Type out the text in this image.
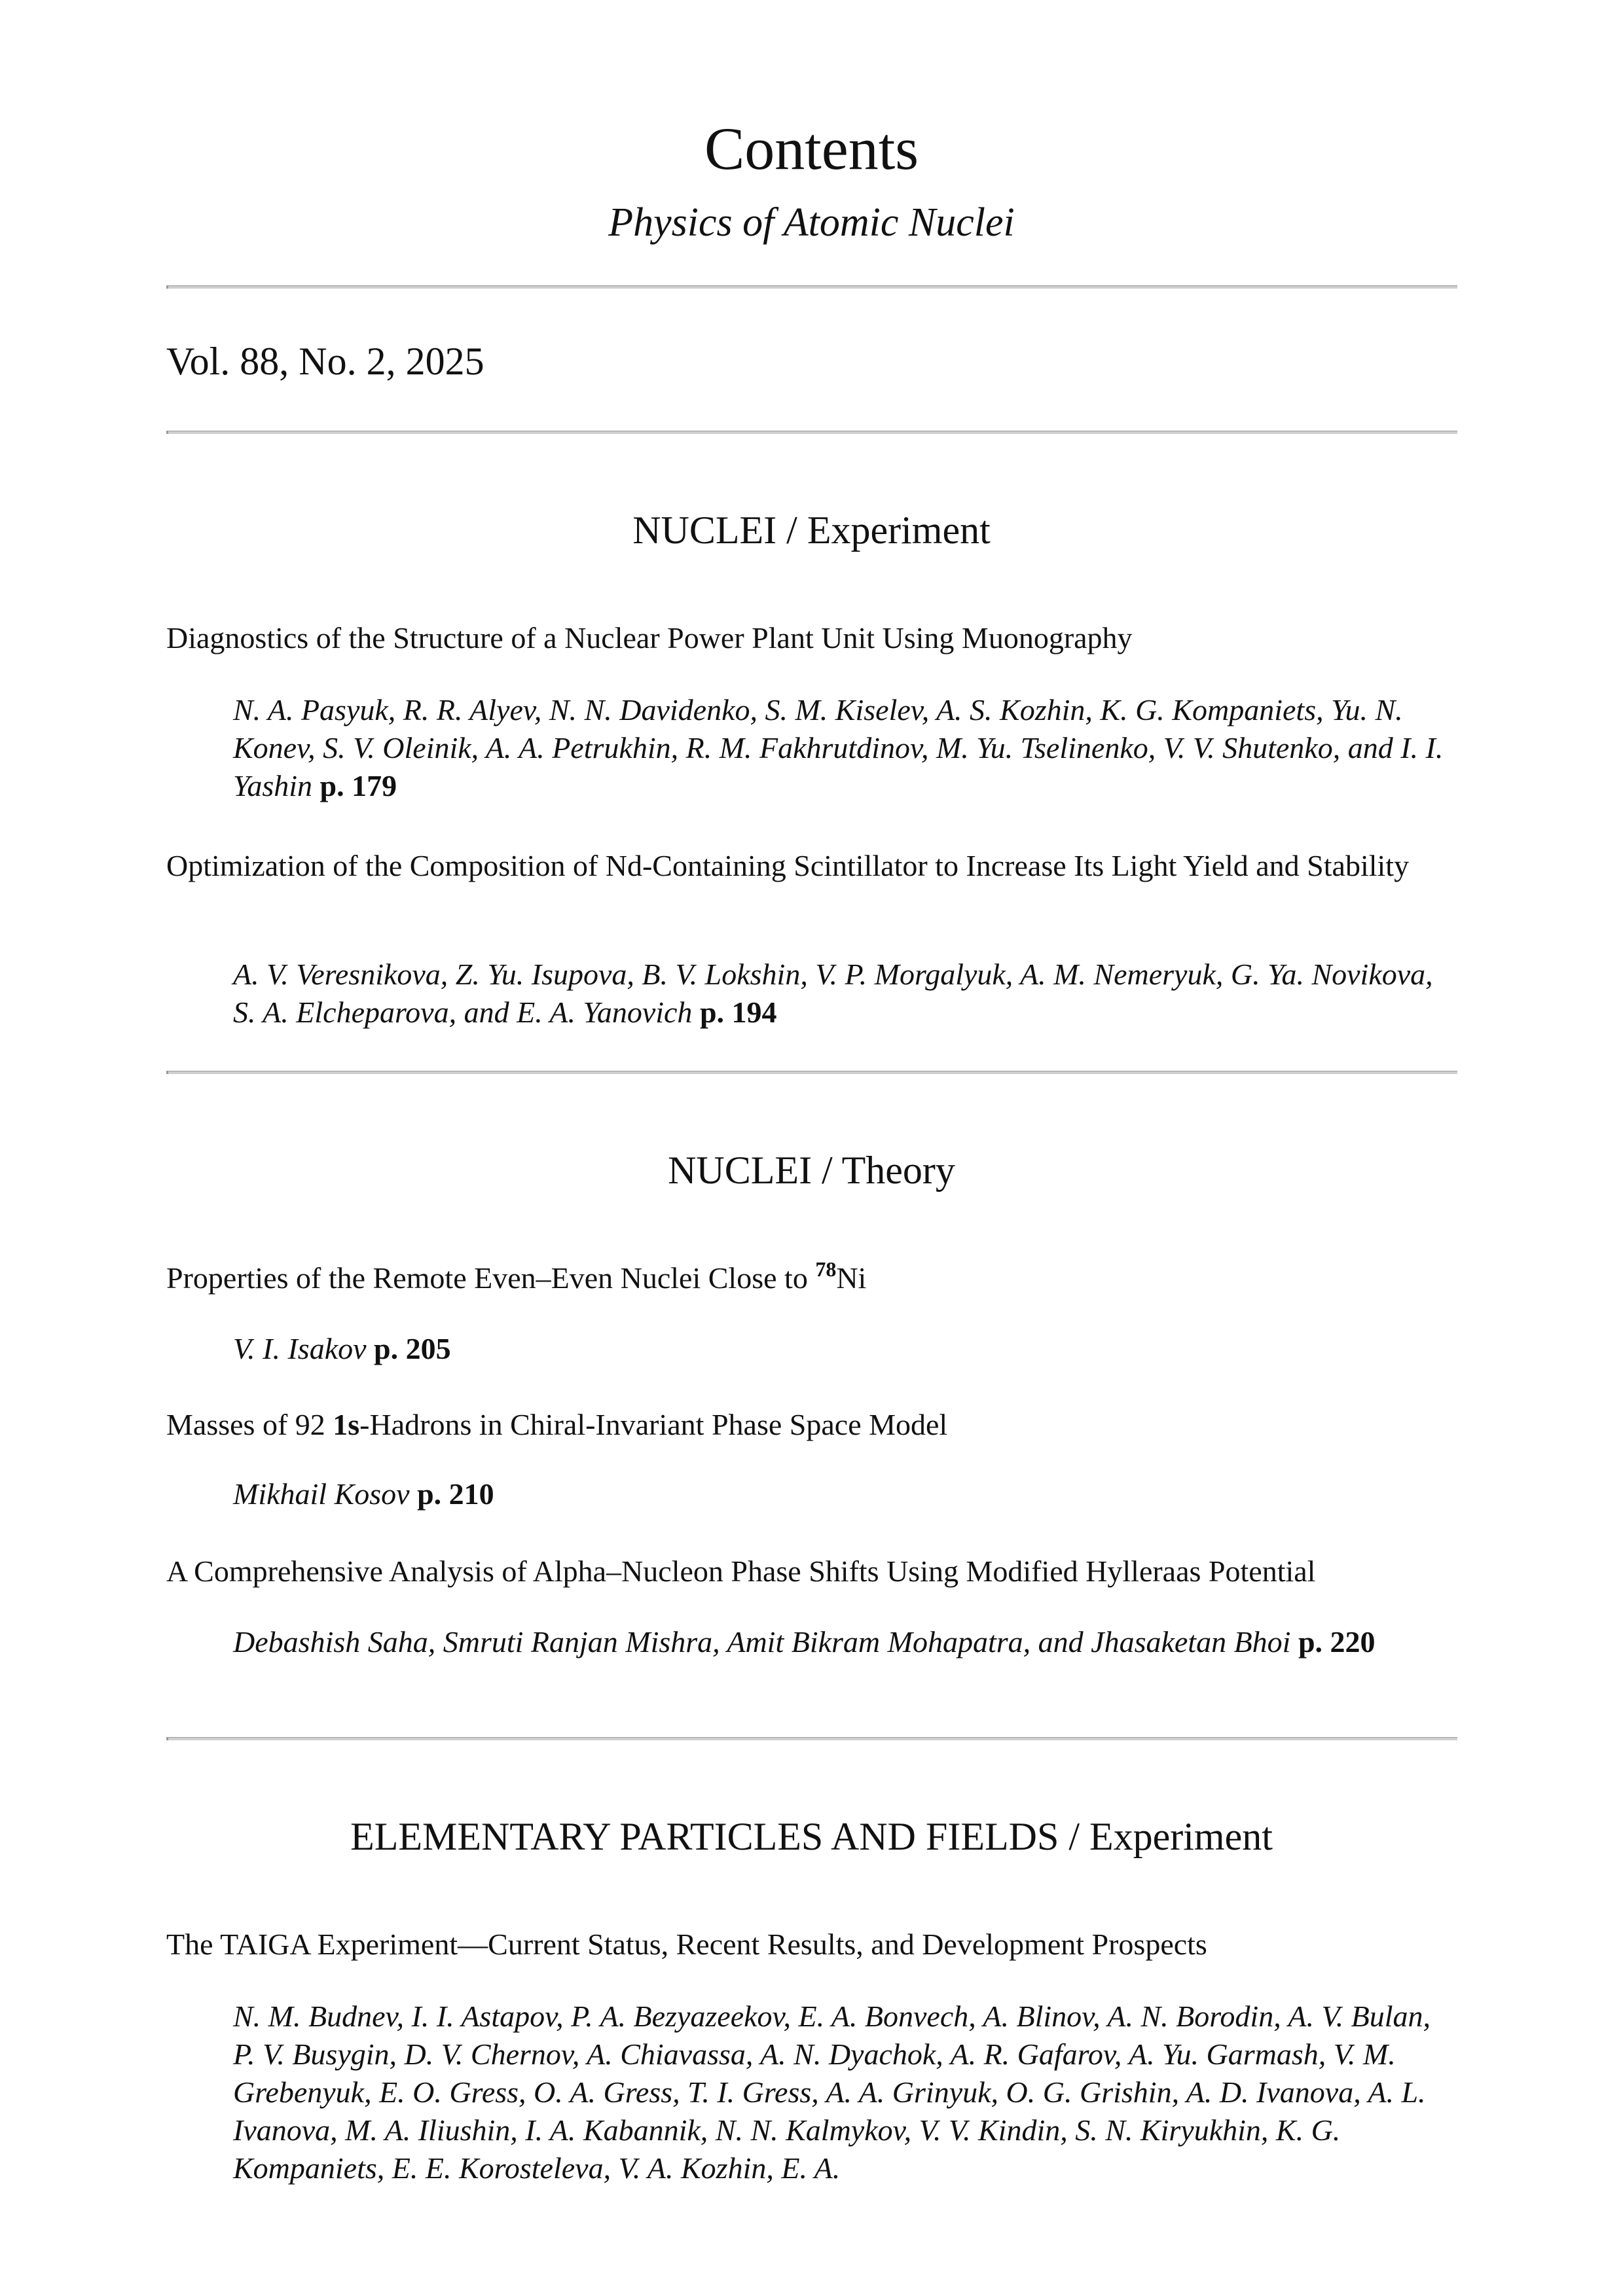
Contents
Physics of Atomic Nuclei
Vol. 88, No. 2, 2025
NUCLEI / Experiment
Diagnostics of the Structure of a Nuclear Power Plant Unit Using Muonography
N. A. Pasyuk, R. R. Alyev, N. N. Davidenko, S. M. Kiselev, A. S. Kozhin, K. G. Kompaniets, Yu. N. Konev, S. V. Oleinik, A. A. Petrukhin, R. M. Fakhrutdinov, M. Yu. Tselinenko, V. V. Shutenko, and I. I. Yashin p. 179
Optimization of the Composition of Nd-Containing Scintillator to Increase Its Light Yield and Stability
A. V. Veresnikova, Z. Yu. Isupova, B. V. Lokshin, V. P. Morgalyuk, A. M. Nemeryuk, G. Ya. Novikova, S. A. Elcheparova, and E. A. Yanovich p. 194
NUCLEI / Theory
Properties of the Remote Even–Even Nuclei Close to $^{78}$Ni
V. I. Isakov p. 205
Masses of 92 1s-Hadrons in Chiral-Invariant Phase Space Model
Mikhail Kosov p. 210
A Comprehensive Analysis of Alpha–Nucleon Phase Shifts Using Modified Hylleraas Potential
Debashish Saha, Smruti Ranjan Mishra, Amit Bikram Mohapatra, and Jhasaketan Bhoi p. 220
ELEMENTARY PARTICLES AND FIELDS / Experiment
The TAIGA Experiment—Current Status, Recent Results, and Development Prospects
N. M. Budnev, I. I. Astapov, P. A. Bezyazeekov, E. A. Bonvech, A. Blinov, A. N. Borodin, A. V. Bulan, P. V. Busygin, D. V. Chernov, A. Chiavassa, A. N. Dyachok, A. R. Gafarov, A. Yu. Garmash, V. M. Grebenyuk, E. O. Gress, O. A. Gress, T. I. Gress, A. A. Grinyuk, O. G. Grishin, A. D. Ivanova, A. L. Ivanova, M. A. Iliushin, I. A. Kabannik, N. N. Kalmykov, V. V. Kindin, S. N. Kiryukhin, K. G. Kompaniets, E. E. Korosteleva, V. A. Kozhin, E. A.
